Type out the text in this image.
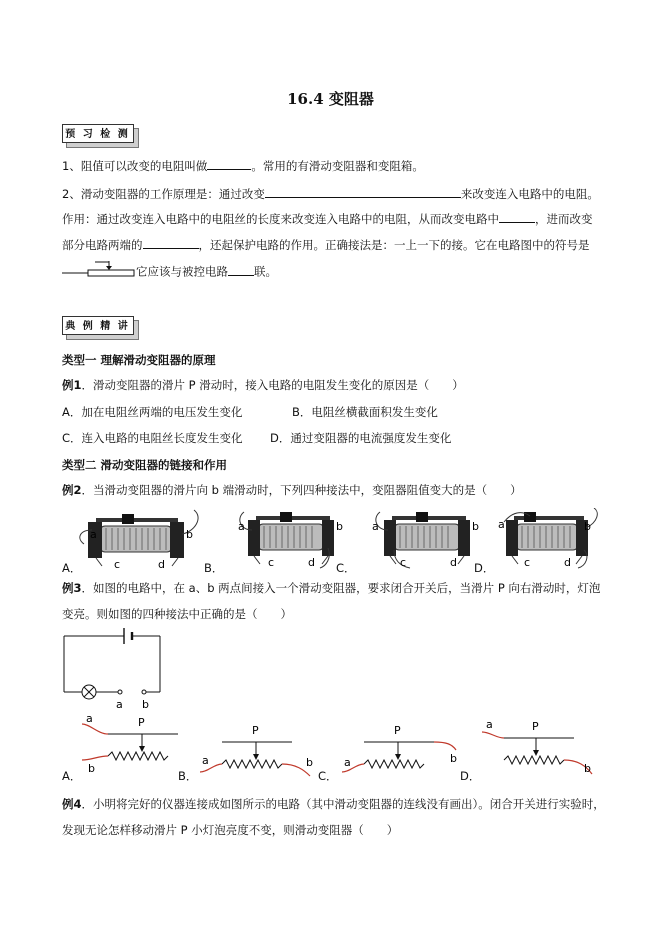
16.4 变阻器
预 习 检 测
1、阻值可以改变的电阻叫做	。常用的有滑动变阻器和变阻箱。
2、滑动变阻器的工作原理是：通过改变	来改变连入电路中的电阻。
作用：通过改变连入电路中的电阻丝的长度来改变连入电路中的电阻，从而改变电路中	，进而改变
部分电路两端的	，还起保护电路的作用。正确接法是：一上一下的接。它在电路图中的符号是
它应该与被控电路 联。
典 例 精 讲
类型一 理解滑动变阻器的原理
例1．滑动变阻器的滑片 P 滑动时，接入电路的电阻发生变化的原因是（　　）
A．加在电阻丝两端的电压发生变化	B．电阻丝横截面积发生变化
C．连入电路的电阻丝长度发生变化 D．通过变阻器的电流强度发生变化
类型二 滑动变阻器的链接和作用
例2．当滑动变阻器的滑片向 b 端滑动时，下列四种接法中，变阻器阻值变大的是（　　）
a	b
c	d
A．
a	b
c	d
B．
a	b
c	d
C．
a	b
c	d
D．
例3．如图的电路中，在 a、b 两点间接入一个滑动变阻器，要求闭合开关后，当滑片 P 向右滑动时，灯泡
变亮。则如图的四种接法中正确的是（　　）
a b
a
b
P
A．
a	b
P
B．
a	b
P
C．
a
b
P
D．
例4．小明将完好的仪器连接成如图所示的电路（其中滑动变阻器的连线没有画出）。闭合开关进行实验时，
发现无论怎样移动滑片 P 小灯泡亮度不变，则滑动变阻器（　　）
